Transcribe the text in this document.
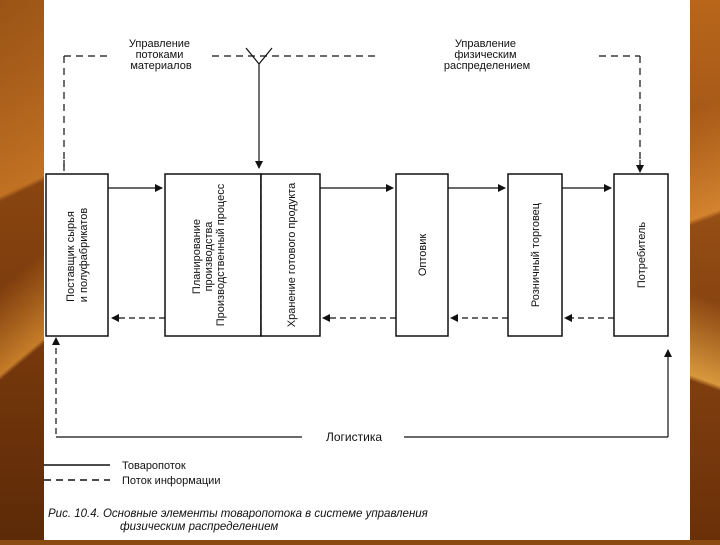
Управление потоками материалов
Управление физическим распределением
Поставщик сырья и полуфабрикатов	Планирование производства Производственный процесс	Хранение готового продукта	Оптовик	Розничный торговец	Потребитель
Логистика
Товаропоток
Поток информации
Рис. 10.4. Основные элементы товаропотока в системе управления
физическим распределением
